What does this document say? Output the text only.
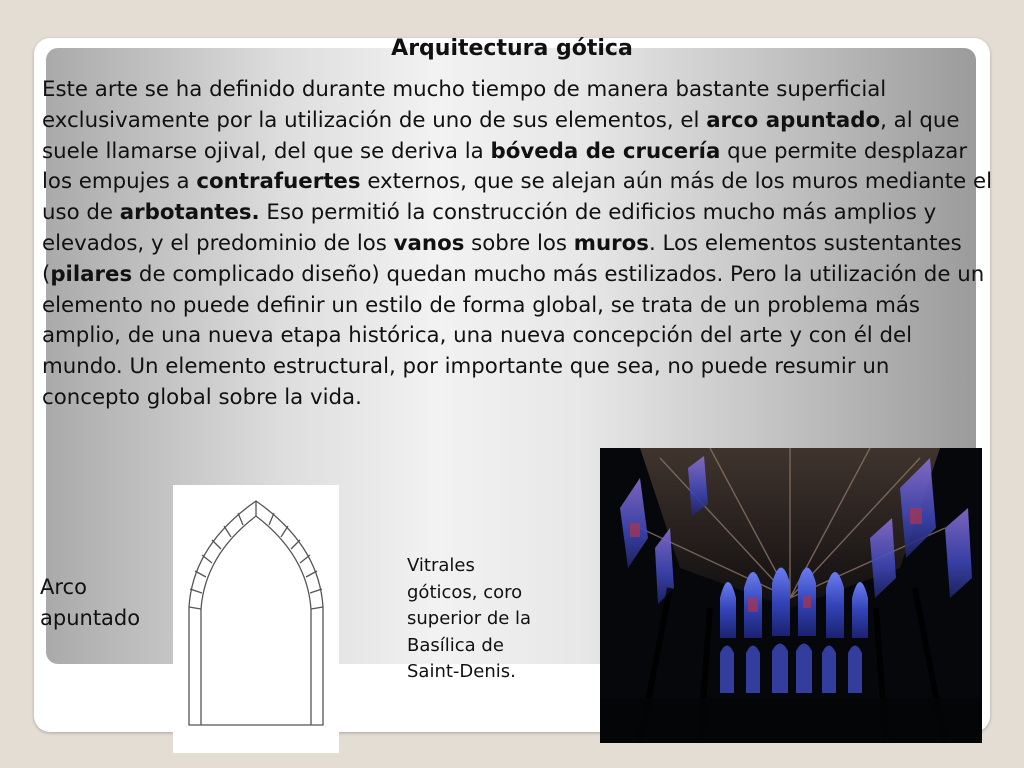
Arquitectura gótica

Este arte se ha definido durante mucho tiempo de manera bastante superficial exclusivamente por la utilización de uno de sus elementos, el arco apuntado, al que suele llamarse ojival, del que se deriva la bóveda de crucería que permite desplazar los empujes a contrafuertes externos, que se alejan aún más de los muros mediante el uso de arbotantes. Eso permitió la construcción de edificios mucho más amplios y elevados, y el predominio de los vanos sobre los muros. Los elementos sustentantes (pilares de complicado diseño) quedan mucho más estilizados. Pero la utilización de un elemento no puede definir un estilo de forma global, se trata de un problema más amplio, de una nueva etapa histórica, una nueva concepción del arte y con él del mundo. Un elemento estructural, por importante que sea, no puede resumir un concepto global sobre la vida.

Arco
apuntado
Vitrales
góticos, coro
superior de la
Basílica de
Saint-Denis.
